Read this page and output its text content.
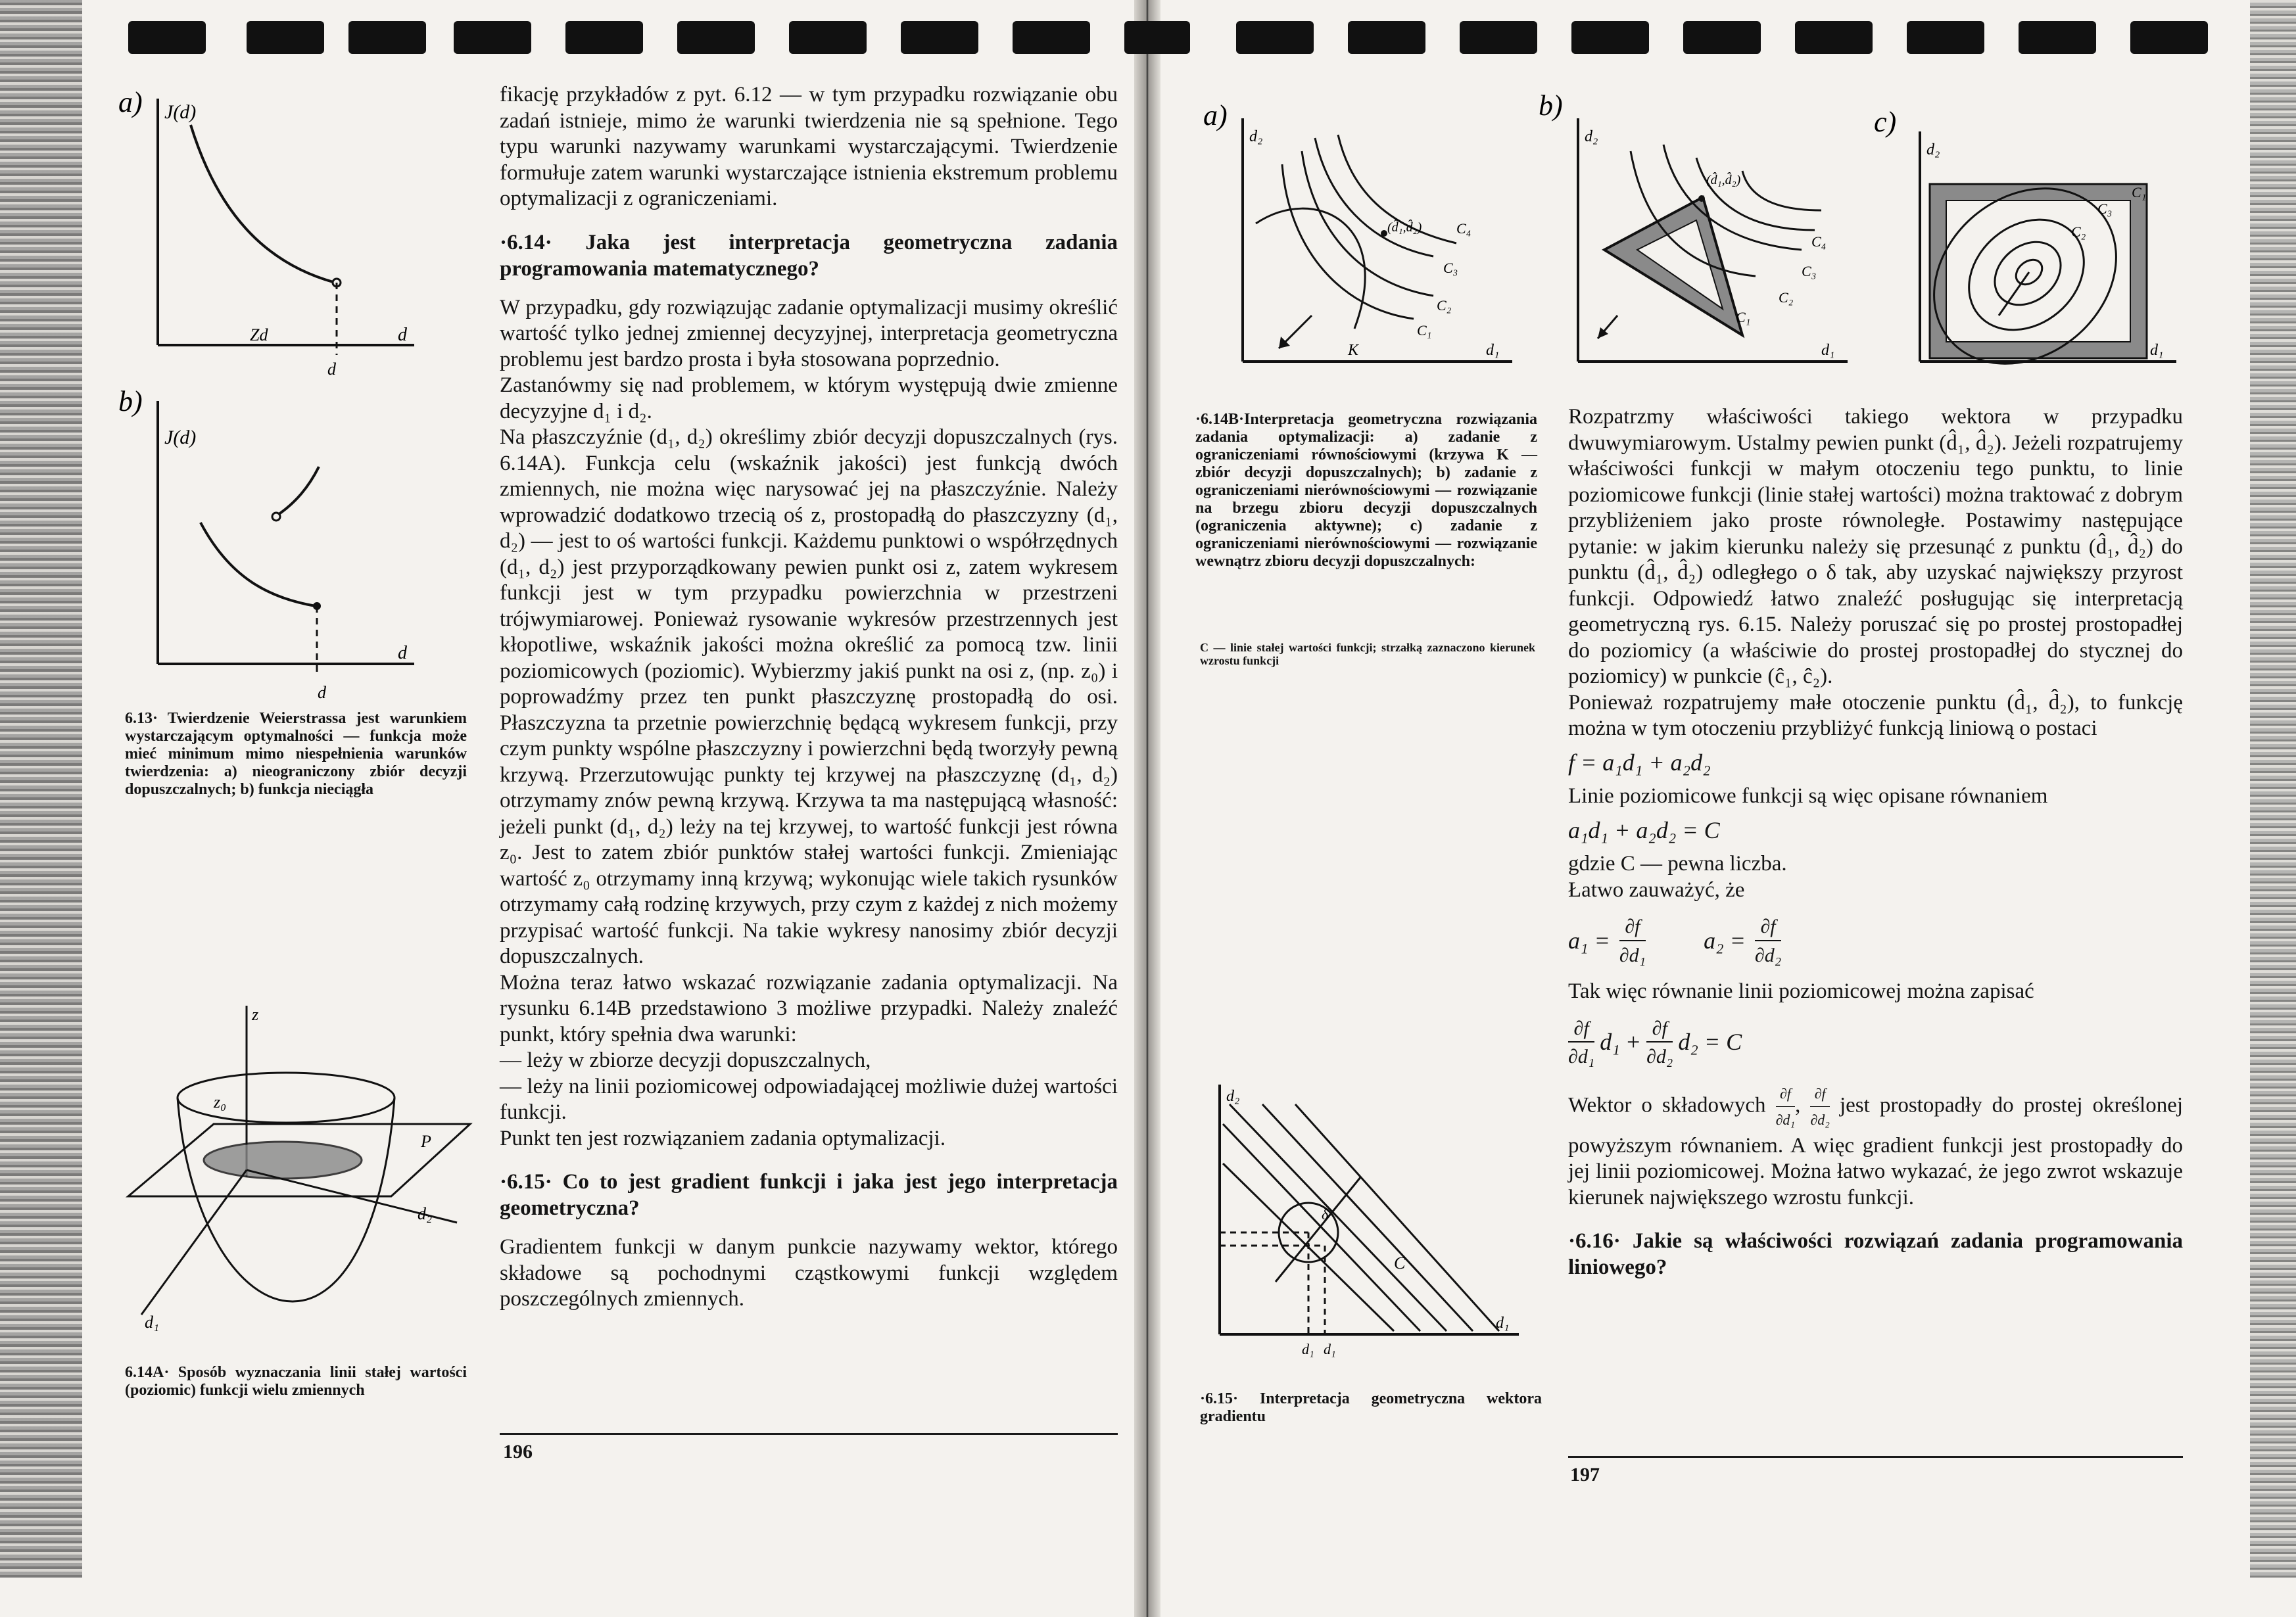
a) J(d)
d
Zd
d
b)
J(d)
d
d
6.13· Twierdzenie Weierstrassa jest warunkiem wystarczającym optymalności — funkcja może mieć minimum mimo niespełnienia warunków twierdzenia: a) nieograniczony zbiór decyzji dopuszczalnych; b) funkcja nieciągła
z
z₀
P
d₂
d₁
6.14A· Sposób wyznaczania linii stałej wartości (poziomic) funkcji wielu zmiennych

fikację przykładów z pyt. 6.12 — w tym przypadku rozwiązanie obu zadań istnieje, mimo że warunki twierdzenia nie są spełnione. Tego typu warunki nazywamy warunkami wystarczającymi. Twierdzenie formułuje zatem warunki wystarczające istnienia ekstremum problemu optymalizacji z ograniczeniami.

·6.14· Jaka jest interpretacja geometryczna zadania programowania matematycznego?

W przypadku, gdy rozwiązując zadanie optymalizacji musimy określić wartość tylko jednej zmiennej decyzyjnej, interpretacja geometryczna problemu jest bardzo prosta i była stosowana poprzednio.

Zastanówmy się nad problemem, w którym występują dwie zmienne decyzyjne d₁ i d₂.

Na płaszczyźnie (d₁, d₂) określimy zbiór decyzji dopuszczalnych (rys. 6.14A). Funkcja celu (wskaźnik jakości) jest funkcją dwóch zmiennych, nie można więc narysować jej na płaszczyźnie. Należy wprowadzić dodatkowo trzecią oś z, prostopadłą do płaszczyzny (d₁, d₂) — jest to oś wartości funkcji. Każdemu punktowi o współrzędnych (d₁, d₂) jest przyporządkowany pewien punkt osi z, zatem wykresem funkcji jest w tym przypadku powierzchnia w przestrzeni trójwymiarowej. Ponieważ rysowanie wykresów przestrzennych jest kłopotliwe, wskaźnik jakości można określić za pomocą tzw. linii poziomicowych (poziomic). Wybierzmy jakiś punkt na osi z, (np. z₀) i poprowadźmy przez ten punkt płaszczyznę prostopadłą do osi. Płaszczyzna ta przetnie powierzchnię będącą wykresem funkcji, przy czym punkty wspólne płaszczyzny i powierzchni będą tworzyły pewną krzywą. Przerzutowując punkty tej krzywej na płaszczyznę (d₁, d₂) otrzymamy znów pewną krzywą. Krzywa ta ma następującą własność: jeżeli punkt (d₁, d₂) leży na tej krzywej, to wartość funkcji jest równa z₀. Jest to zatem zbiór punktów stałej wartości funkcji. Zmieniając wartość z₀ otrzymamy inną krzywą; wykonując wiele takich rysunków otrzymamy całą rodzinę krzywych, przy czym z każdej z nich możemy przypisać wartość funkcji. Na takie wykresy nanosimy zbiór decyzji dopuszczalnych.

Można teraz łatwo wskazać rozwiązanie zadania optymalizacji. Na rysunku 6.14B przedstawiono 3 możliwe przypadki. Należy znaleźć punkt, który spełnia dwa warunki:

— leży w zbiorze decyzji dopuszczalnych,

— leży na linii poziomicowej odpowiadającej możliwie dużej wartości funkcji.

Punkt ten jest rozwiązaniem zadania optymalizacji.

·6.15· Co to jest gradient funkcji i jaka jest jego interpretacja geometryczna?

Gradientem funkcji w danym punkcie nazywamy wektor, którego składowe są pochodnymi cząstkowymi funkcji względem poszczególnych zmiennych.

196
a)
d₂
d₁
(d̂₁,d̂₂) C₄
C₃
C₂
C₁
K
b)
d₂
d₁
(d̂₁,d̂₂)
C₄
C₃
C₂
C₁
c)
d₂
d₁
C₁
C₃
C₂
·6.14B·Interpretacja geometryczna rozwiązania zadania optymalizacji: a) zadanie z ograniczeniami równościowymi (krzywa K — zbiór decyzji dopuszczalnych); b) zadanie z ograniczeniami nierównościowymi — rozwiązanie na brzegu zbioru decyzji dopuszczalnych (ograniczenia aktywne); c) zadanie z ograniczeniami nierównościowymi — rozwiązanie wewnątrz zbioru decyzji dopuszczalnych:
C — linie stałej wartości funkcji; strzałką zaznaczono kierunek wzrostu funkcji
d₂
d₁
δ
C
d₁ d₁
·6.15· Interpretacja geometryczna wektora gradientu

Rozpatrzmy właściwości takiego wektora w przypadku dwuwymiarowym. Ustalmy pewien punkt (d̂₁, d̂₂). Jeżeli rozpatrujemy właściwości funkcji w małym otoczeniu tego punktu, to linie poziomicowe funkcji (linie stałej wartości) można traktować z dobrym przybliżeniem jako proste równoległe. Postawimy następujące pytanie: w jakim kierunku należy się przesunąć z punktu (d̂₁, d̂₂) do punktu (d̂₁, d̂₂) odległego o δ tak, aby uzyskać największy przyrost funkcji. Odpowiedź łatwo znaleźć posługując się interpretacją geometryczną rys. 6.15. Należy poruszać się po prostej prostopadłej do poziomicy (a właściwie do prostej prostopadłej do stycznej do poziomicy) w punkcie (ĉ₁, ĉ₂).

Ponieważ rozpatrujemy małe otoczenie punktu (d̂₁, d̂₂), to funkcję można w tym otoczeniu przybliżyć funkcją liniową o postaci

f = a₁d₁ + a₂d₂

Linie poziomicowe funkcji są więc opisane równaniem

a₁d₁ + a₂d₂ = C

gdzie C — pewna liczba.

Łatwo zauważyć, że

$a_1 = \frac{\partial f}{\text{∂d₁}} a_2 = \frac{\partial f}{\text{∂d₂}}$

Tak więc równanie linii poziomicowej można zapisać

$\frac{\partial f}{\text{∂d₁}} d_1 + \frac{\partial f}{\text{∂d₂}} d_2 = C$

Wektor o składowych $\frac{\partial f}{\text{∂d₁}}$ , $\frac{\partial f}{\text{∂d₂}}$ jest prostopadły do prostej określonej powyższym równaniem. A więc gradient funkcji jest prostopadły do jej linii poziomicowej. Można łatwo wykazać, że jego zwrot wskazuje kierunek największego wzrostu funkcji.

·6.16· Jakie są właściwości rozwiązań zadania programowania liniowego?
197
